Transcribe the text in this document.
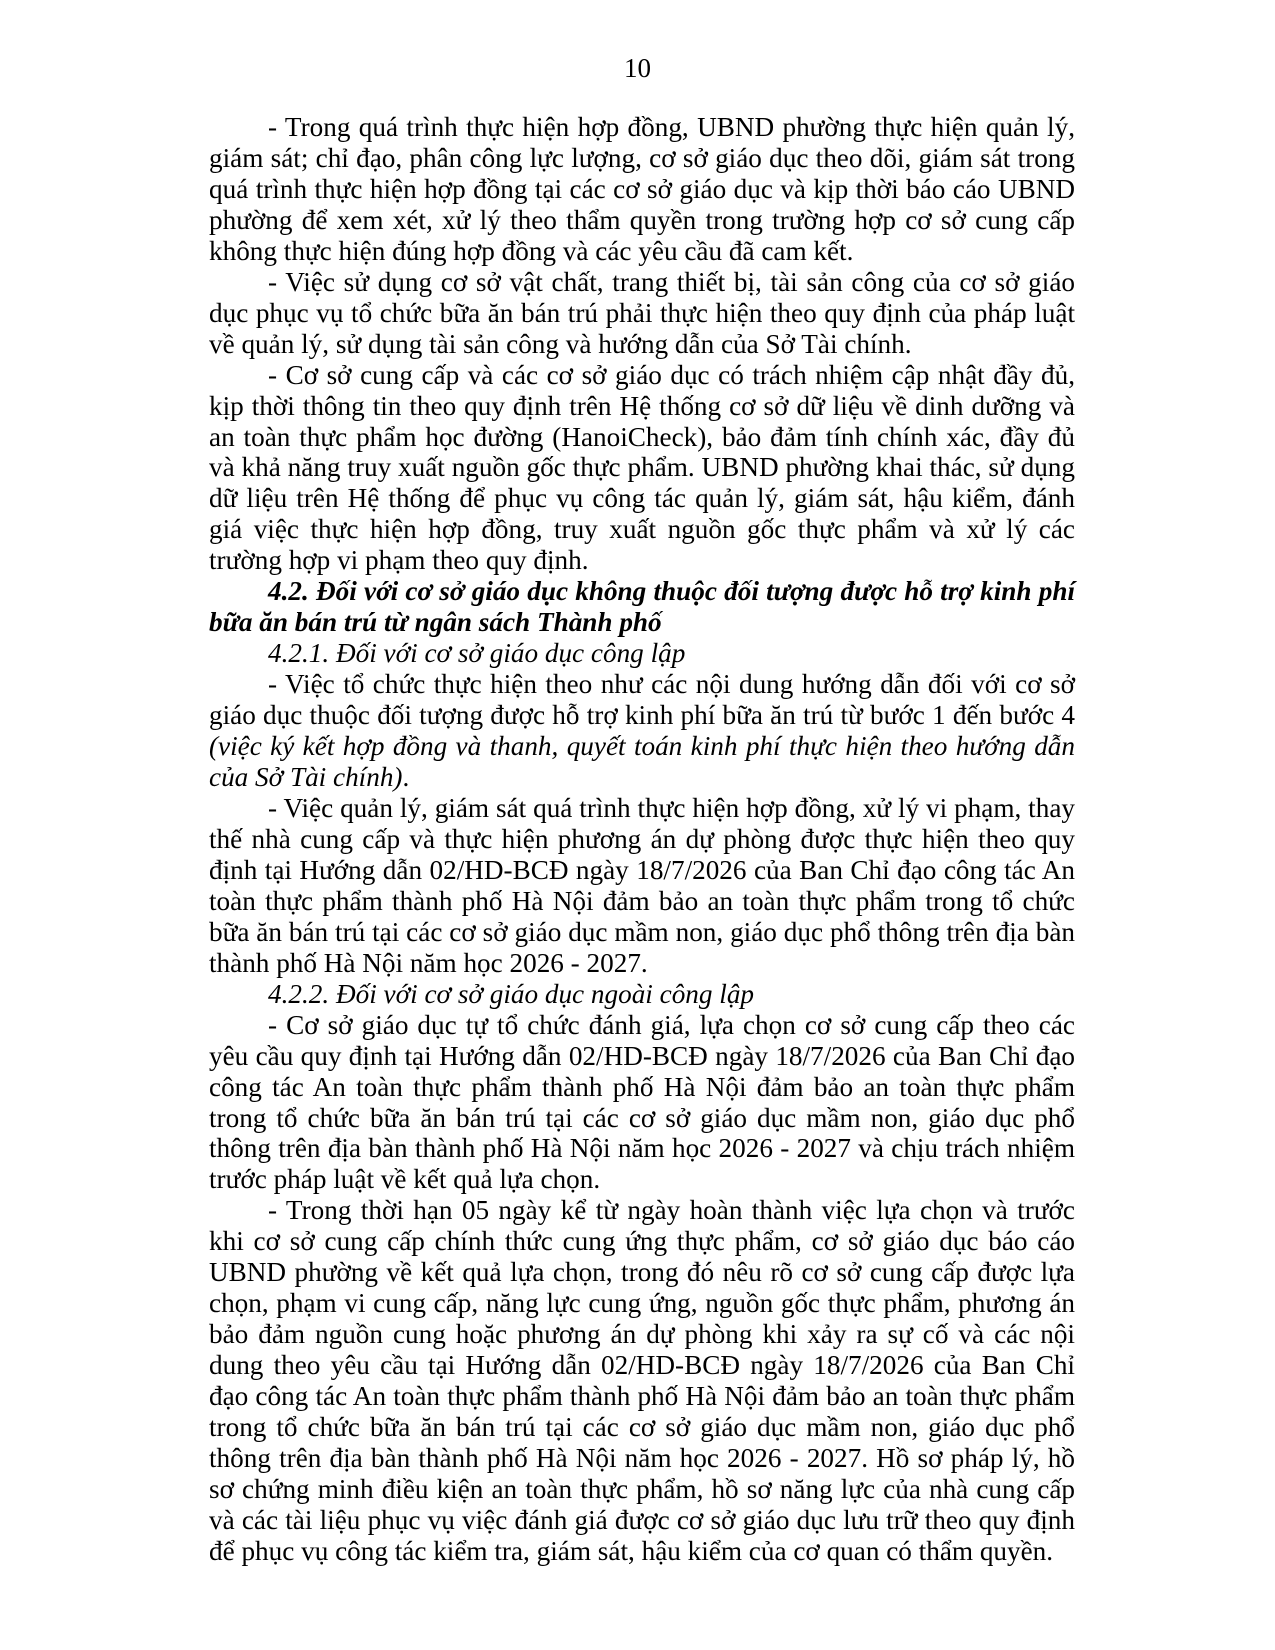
10

- Trong quá trình thực hiện hợp đồng, UBND phường thực hiện quản lý, giám sát; chỉ đạo, phân công lực lượng, cơ sở giáo dục theo dõi, giám sát trong quá trình thực hiện hợp đồng tại các cơ sở giáo dục và kịp thời báo cáo UBND phường để xem xét, xử lý theo thẩm quyền trong trường hợp cơ sở cung cấp không thực hiện đúng hợp đồng và các yêu cầu đã cam kết.

- Việc sử dụng cơ sở vật chất, trang thiết bị, tài sản công của cơ sở giáo dục phục vụ tổ chức bữa ăn bán trú phải thực hiện theo quy định của pháp luật về quản lý, sử dụng tài sản công và hướng dẫn của Sở Tài chính.

- Cơ sở cung cấp và các cơ sở giáo dục có trách nhiệm cập nhật đầy đủ, kịp thời thông tin theo quy định trên Hệ thống cơ sở dữ liệu về dinh dưỡng và an toàn thực phẩm học đường (HanoiCheck), bảo đảm tính chính xác, đầy đủ và khả năng truy xuất nguồn gốc thực phẩm. UBND phường khai thác, sử dụng dữ liệu trên Hệ thống để phục vụ công tác quản lý, giám sát, hậu kiểm, đánh giá việc thực hiện hợp đồng, truy xuất nguồn gốc thực phẩm và xử lý các trường hợp vi phạm theo quy định.

4.2. Đối với cơ sở giáo dục không thuộc đối tượng được hỗ trợ kinh phí bữa ăn bán trú từ ngân sách Thành phố

4.2.1. Đối với cơ sở giáo dục công lập

- Việc tổ chức thực hiện theo như các nội dung hướng dẫn đối với cơ sở giáo dục thuộc đối tượng được hỗ trợ kinh phí bữa ăn trú từ bước 1 đến bước 4 (việc ký kết hợp đồng và thanh, quyết toán kinh phí thực hiện theo hướng dẫn của Sở Tài chính).

- Việc quản lý, giám sát quá trình thực hiện hợp đồng, xử lý vi phạm, thay thế nhà cung cấp và thực hiện phương án dự phòng được thực hiện theo quy định tại Hướng dẫn 02/HD-BCĐ ngày 18/7/2026 của Ban Chỉ đạo công tác An toàn thực phẩm thành phố Hà Nội đảm bảo an toàn thực phẩm trong tổ chức bữa ăn bán trú tại các cơ sở giáo dục mầm non, giáo dục phổ thông trên địa bàn thành phố Hà Nội năm học 2026 - 2027.

4.2.2. Đối với cơ sở giáo dục ngoài công lập

- Cơ sở giáo dục tự tổ chức đánh giá, lựa chọn cơ sở cung cấp theo các yêu cầu quy định tại Hướng dẫn 02/HD-BCĐ ngày 18/7/2026 của Ban Chỉ đạo công tác An toàn thực phẩm thành phố Hà Nội đảm bảo an toàn thực phẩm trong tổ chức bữa ăn bán trú tại các cơ sở giáo dục mầm non, giáo dục phổ thông trên địa bàn thành phố Hà Nội năm học 2026 - 2027 và chịu trách nhiệm trước pháp luật về kết quả lựa chọn.

- Trong thời hạn 05 ngày kể từ ngày hoàn thành việc lựa chọn và trước khi cơ sở cung cấp chính thức cung ứng thực phẩm, cơ sở giáo dục báo cáo UBND phường về kết quả lựa chọn, trong đó nêu rõ cơ sở cung cấp được lựa chọn, phạm vi cung cấp, năng lực cung ứng, nguồn gốc thực phẩm, phương án bảo đảm nguồn cung hoặc phương án dự phòng khi xảy ra sự cố và các nội dung theo yêu cầu tại Hướng dẫn 02/HD-BCĐ ngày 18/7/2026 của Ban Chỉ đạo công tác An toàn thực phẩm thành phố Hà Nội đảm bảo an toàn thực phẩm trong tổ chức bữa ăn bán trú tại các cơ sở giáo dục mầm non, giáo dục phổ thông trên địa bàn thành phố Hà Nội năm học 2026 - 2027. Hồ sơ pháp lý, hồ sơ chứng minh điều kiện an toàn thực phẩm, hồ sơ năng lực của nhà cung cấp và các tài liệu phục vụ việc đánh giá được cơ sở giáo dục lưu trữ theo quy định để phục vụ công tác kiểm tra, giám sát, hậu kiểm của cơ quan có thẩm quyền.
